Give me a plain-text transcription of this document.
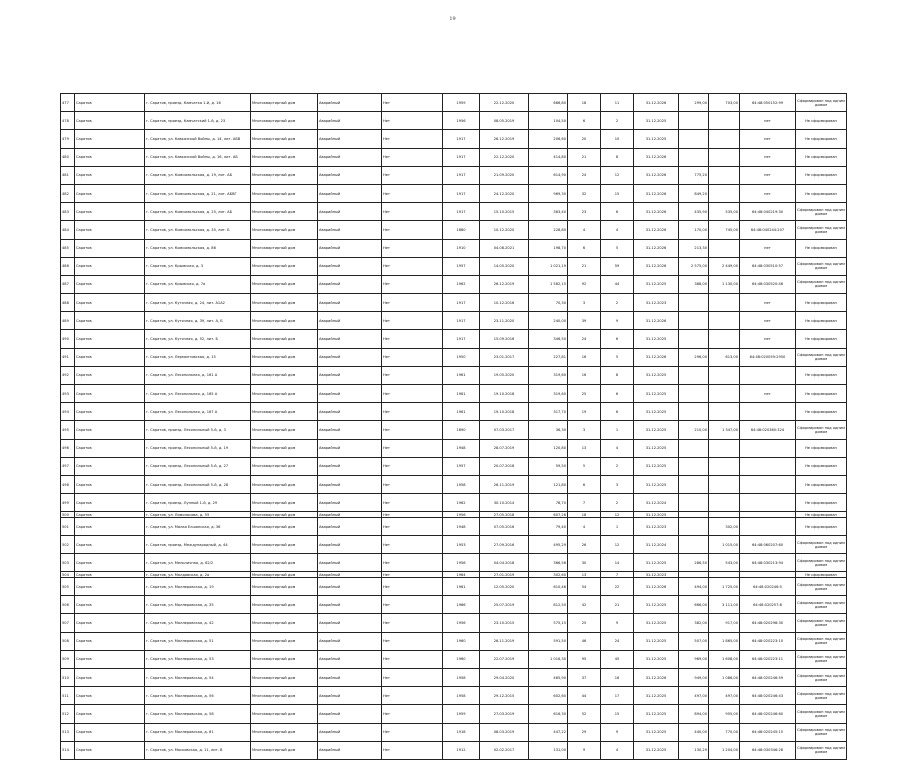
19
477	Саратов	г. Саратов, проезд. Камчатка 1-й, д. 16	Многоквартирный дом	Аварийный	Нет	1959	22.12.2020	666,80	18	11	31.12.2026	299,00	703,00	64:48:050152:99	Сформирован под одним домом
478	Саратов	г. Саратов, проезд. Камчатский 1-й, д. 23	Многоквартирный дом	Аварийный	Нет	1956	08.05.2019	104,50	6	2	31.12.2025			нет	Не сформирован
479	Саратов	г. Саратов, ул. Кавказской Войны, д. 14, лит. АБВ	Многоквартирный дом	Аварийный	Нет	1917	26.12.2019	206,60	20	10	31.12.2025			нет	Не сформирован
480	Саратов	г. Саратов, ул. Кавказской Войны, д. 16, лит. АБ	Многоквартирный дом	Аварийный	Нет	1917	22.12.2020	414,80	21	8	31.12.2026			нет	Не сформирован
481	Саратов	г. Саратов, ул. Комсомольская, д. 19, лит. АБ	Многоквартирный дом	Аварийный	Нет	1917	21.09.2020	614,90	24	12	31.12.2026	775,20		нет	Не сформирован
482	Саратов	г. Саратов, ул. Комсомольская, д. 21, лит. АБВГ	Многоквартирный дом	Аварийный	Нет	1917	24.12.2020	969,30	32	15	31.12.2026	849,20		нет	Не сформирован
483	Саратов	г. Саратов, ул. Комсомольская, д. 25, лит. АБ	Многоквартирный дом	Аварийный	Нет	1917	15.10.2015	363,40	23	6	31.12.2026	435,90	535,00	64:48:040219:30	Сформирован под одним домом
484	Саратов	г. Саратов, ул. Комсомольская, д. 35, лит. Б	Многоквартирный дом	Аварийный	Нет	1880	10.12.2020	228,80	4	4	31.12.2026	170,00	745,00	64:48:040244:207	Сформирован под одним домом
485	Саратов	г. Саратов, ул. Комсомольская, д. 86	Многоквартирный дом	Аварийный	Нет	1910	04.08.2021	198,70	6	5	31.12.2026	213,30		нет	Не сформирован
486	Саратов	г. Саратов, ул. Крымская, д. 3	Многоквартирный дом	Аварийный	Нет	1957	14.05.2020	1 021,19	21	59	31.12.2026	2 575,00	2 449,00	64:48:030510:57	Сформирован под одним домом
487	Саратов	г. Саратов, ул. Крымская, д. 7а	Многоквартирный дом	Аварийный	Нет	1962	26.12.2019	1 582,15	92	44	31.12.2025	388,00	1 130,00	64:48:030520:46	Сформирован под одним домом
488	Саратов	г. Саратов, ул. Кутячная, д. 24, лит. А1А2	Многоквартирный дом	Аварийный	Нет	1917	10.12.2016	70,30	3	2	31.12.2023			нет	Не сформирован
489	Саратов	г. Саратов, ул. Кутячная, д. 39, лит. А, Б	Многоквартирный дом	Аварийный	Нет	1917	23.11.2020	240,00	39	9	31.12.2026			нет	Не сформирован
490	Саратов	г. Саратов, ул. Кутячная, д. 52, лит. Б	Многоквартирный дом	Аварийный	Нет	1917	15.09.2016	346,50	24	6	31.12.2025			нет	Не сформирован
491	Саратов	г. Саратов, ул. Лермонтовская, д. 15	Многоквартирный дом	Аварийный	Нет	1950	23.01.2017	227,81	16	5	31.12.2026	296,00	613,00	64:48:020059:2950	Сформирован под одним домом
492	Саратов	г. Саратов, ул. Лесопильная, д. 161 А	Многоквартирный дом	Аварийный	Нет	1961	19.05.2020	319,60	16	8	31.12.2025				Не сформирован
493	Саратов	г. Саратов, ул. Лесопильная, д. 165 А	Многоквартирный дом	Аварийный	Нет	1961	19.10.2018	319,60	25	6	31.12.2025			нет	Не сформирован
494	Саратов	г. Саратов, ул. Лесопильная, д. 167 А	Многоквартирный дом	Аварийный	Нет	1961	19.10.2018	317,70	19	6	31.12.2025				Не сформирован
495	Саратов	г. Саратов, проезд. Лесопильный 5-й, д. 3	Многоквартирный дом	Аварийный	Нет	1890	07.03.2017	36,30	3	1	31.12.2025	210,00	1 347,00	64:48:020360:324	Сформирован под одним домом
496	Саратов	г. Саратов, проезд. Лесопильный 5-й, д. 19	Многоквартирный дом	Аварийный	Нет	1948	28.07.2019	120,80	13	4	31.12.2025				Не сформирован
497	Саратов	г. Саратов, проезд. Лесопильный 5-й, д. 27	Многоквартирный дом	Аварийный	Нет	1957	20.07.2018	59,50	5	2	31.12.2025				Не сформирован
498	Саратов	г. Саратов, проезд. Лесопильный 5-й, д. 28	Многоквартирный дом	Аварийный	Нет	1958	26.11.2019	121,80	6	3	31.12.2025				Не сформирован
499	Саратов	г. Саратов, проезд. Лунный 1-й, д. 29	Многоквартирный дом	Аварийный	Нет	1962	30.10.2014	78,70	7	2	31.12.2024				Не сформирован
500	Саратов	г. Саратов, ул. Ломоносова, д. 55	Многоквартирный дом	Аварийный	Нет	1956	27.05.2018	607,26	18	12	31.12.2025				Не сформирован
501	Саратов	г. Саратов, ул. Малая Елшанская, д. 36	Многоквартирный дом	Аварийный	Нет	1948	07.05.2016	79,40	4	1	31.12.2023		302,00		Не сформирован
502	Саратов	г. Саратов, проезд. Международный, д. 44	Многоквартирный дом	Аварийный	Нет	1953	27.09.2016	495,29	26	12	31.12.2024		1 015,00	64:48:060207:60	Сформирован под одним домом
503	Саратов	г. Саратов, ул. Мельничная, д. 62/2	Многоквартирный дом	Аварийный	Нет	1956	04.04.2018	366,56	30	14	31.12.2025	286,50	543,00	64:48:030213:94	Сформирован под одним домом
504	Саратов	г. Саратов, ул. Молдовская, д. 2а	Многоквартирный дом	Аварийный	Нет	1964	27.01.2019	302,60	13	7	31.12.2023				Не сформирован
505	Саратов	г. Саратов, ул. Моллеровская, д. 19	Многоквартирный дом	Аварийный	Нет	1961	12.05.2020	610,46	54	22	31.12.2026	494,00	1 725,00	64:48:020246:5	Сформирован под одним домом
506	Саратов	г. Саратов, ул. Моллеровская, д. 35	Многоквартирный дом	Аварийный	Нет	1966	25.07.2019	812,50	42	21	31.12.2025	666,00	3 111,00	64:48:020257:8	Сформирован под одним домом
507	Саратов	г. Саратов, ул. Моллеровская, д. 42	Многоквартирный дом	Аварийный	Нет	1956	23.10.2015	575,15	25	9	31.12.2025	382,00	917,00	64:48:020298:30	Сформирован под одним домом
508	Саратов	г. Саратов, ул. Моллеровская, д. 51	Многоквартирный дом	Аварийный	Нет	1960	26.11.2019	591,50	46	24	31.12.2025	507,00	1 865,00	64:48:020223:10	Сформирован под одним домом
509	Саратов	г. Саратов, ул. Моллеровская, д. 53	Многоквартирный дом	Аварийный	Нет	1960	22.07.2019	1 016,30	95	45	31.12.2025	969,00	1 608,00	64:48:020223:11	Сформирован под одним домом
510	Саратов	г. Саратов, ул. Моллеровская, д. 54	Многоквартирный дом	Аварийный	Нет	1958	29.04.2020	465,90	37	16	31.12.2026	949,00	1 086,00	64:48:020246:59	Сформирован под одним домом
511	Саратов	г. Саратов, ул. Моллеровская, д. 56	Многоквартирный дом	Аварийный	Нет	1958	29.12.2015	602,60	44	17	31.12.2025	497,00	497,00	64:48:020246:43	Сформирован под одним домом
512	Саратов	г. Саратов, ул. Моллеровская, д. 58	Многоквартирный дом	Аварийный	Нет	1959	27.03.2019	616,30	52	15	31.12.2025	894,00	955,00	64:48:020246:60	Сформирован под одним домом
513	Саратов	г. Саратов, ул. Моллеровская, д. 61	Многоквартирный дом	Аварийный	Нет	1918	08.03.2019	447,22	29	9	31.12.2025	440,00	770,00	64:48:020245:15	Сформирован под одним домом
514	Саратов	г. Саратов, ул. Московская, д. 11, лит. В	Многоквартирный дом	Аварийный	Нет	1912	02.02.2017	131,00	9	4	31.12.2025	130,29	1 204,00	64:48:030346:28	Сформирован под одним домом
